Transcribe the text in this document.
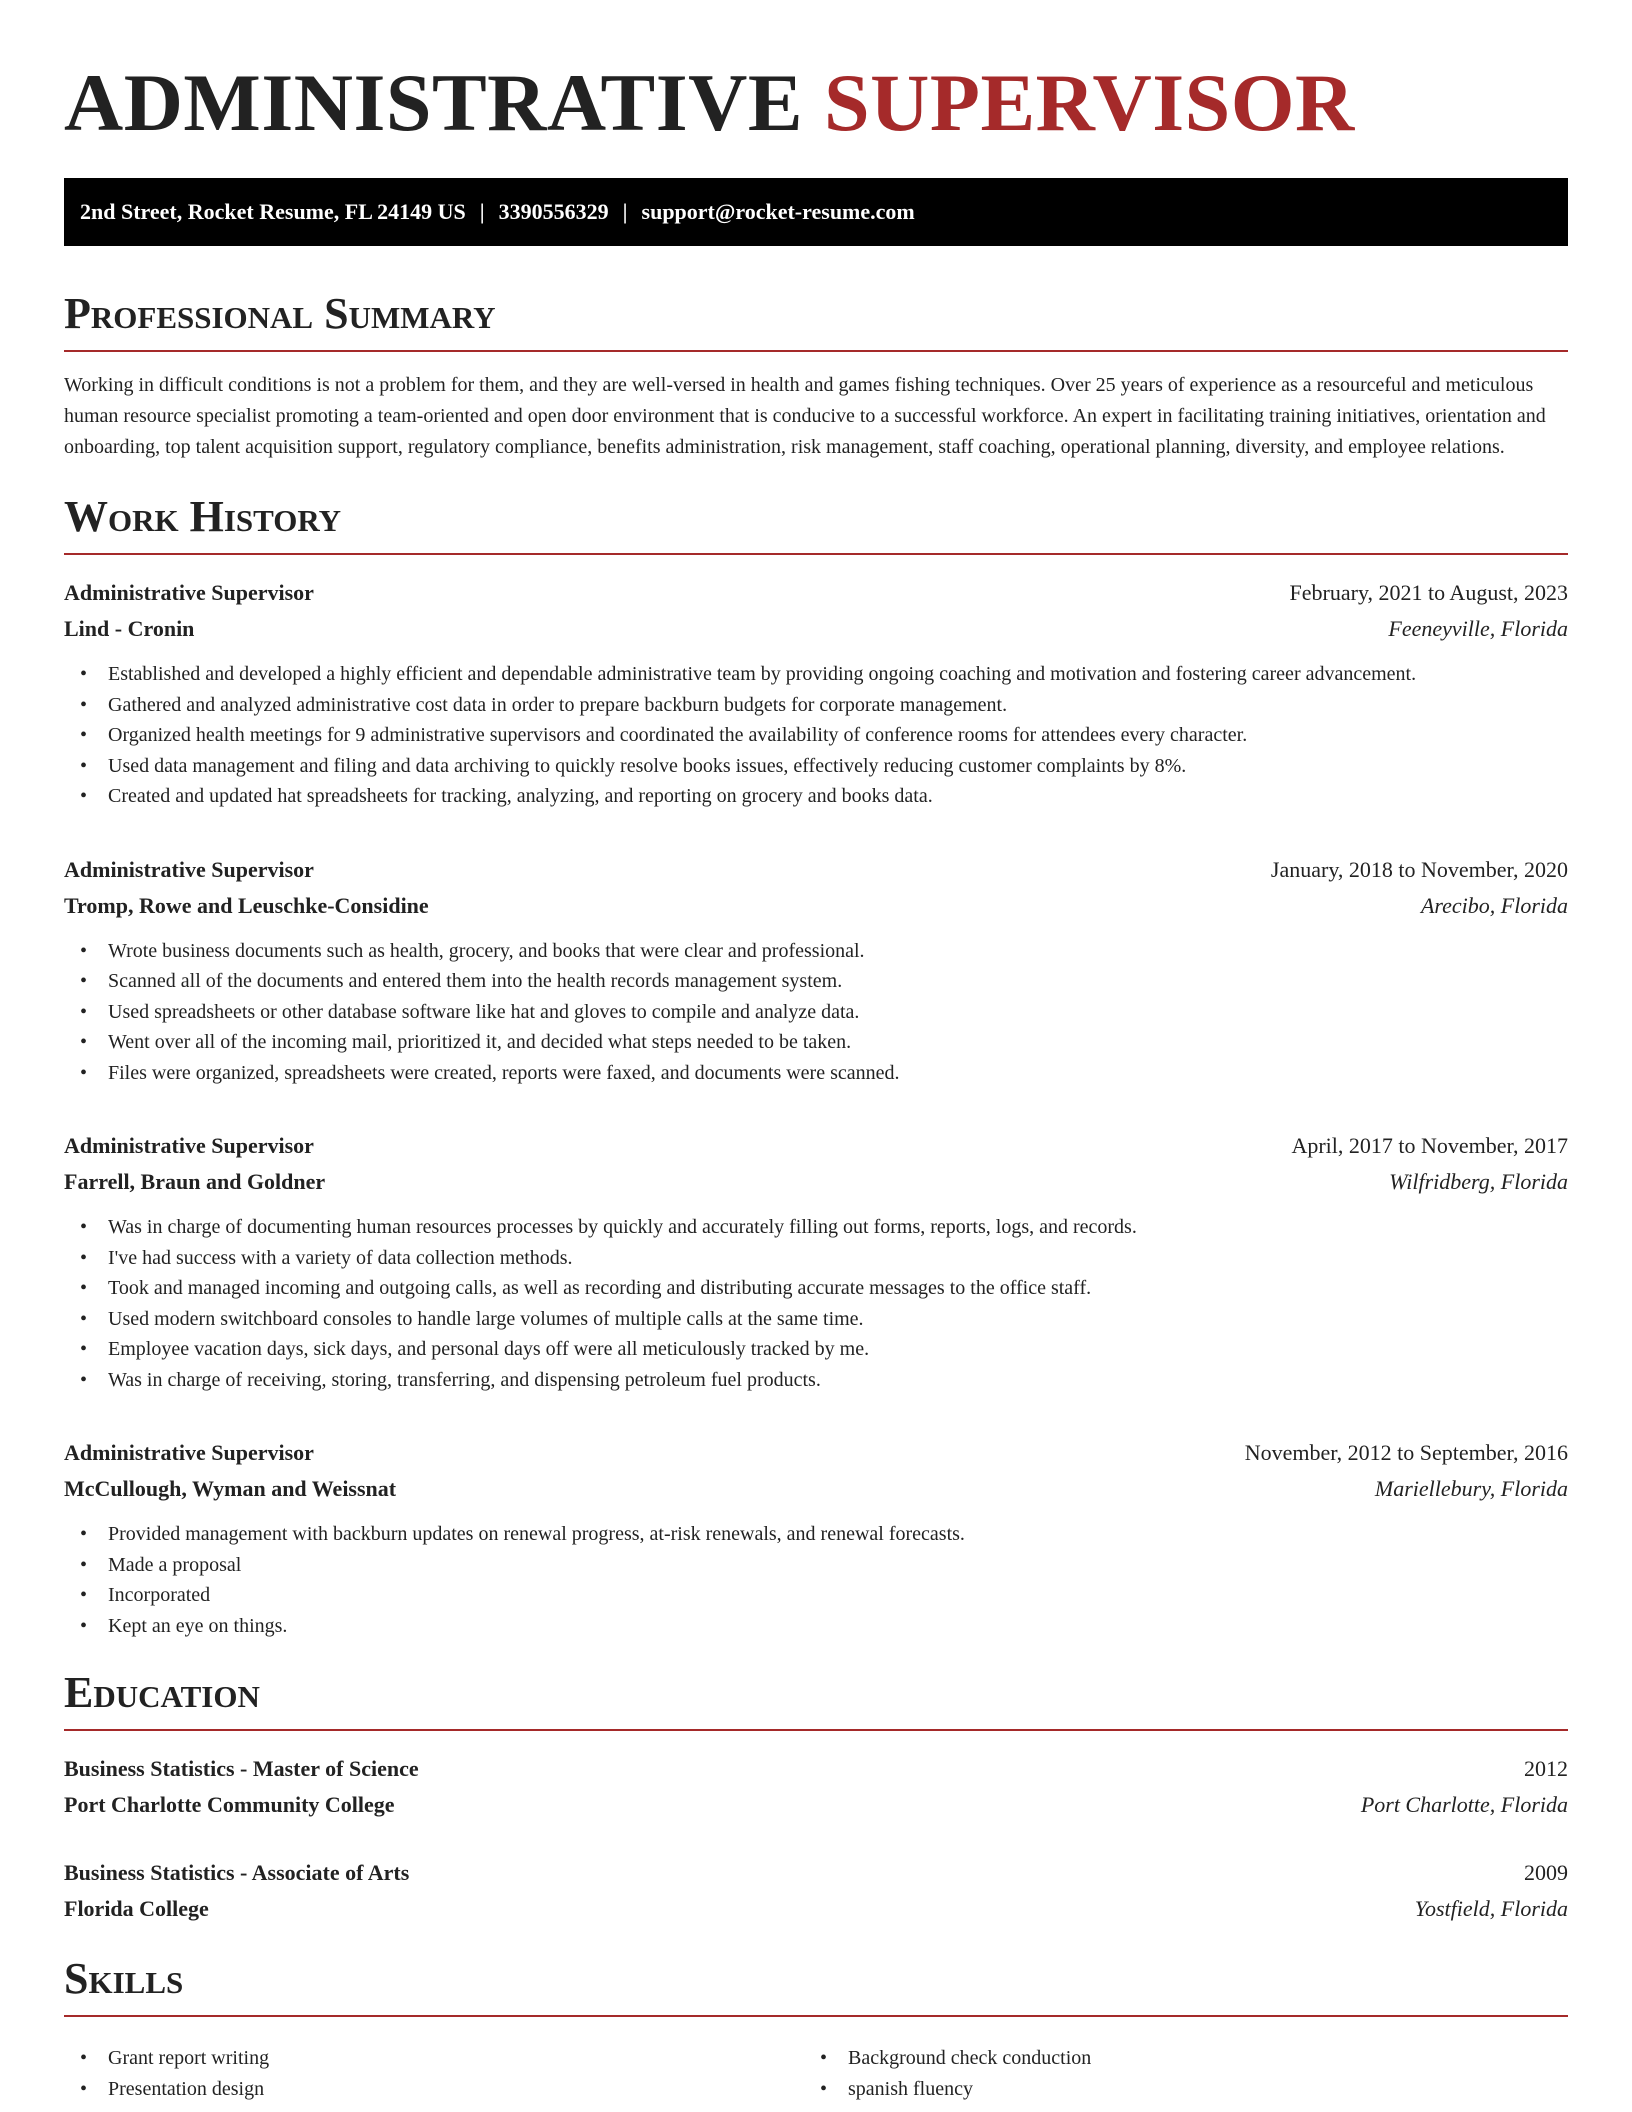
ADMINISTRATIVE SUPERVISOR
2nd Street, Rocket Resume, FL 24149 US | 3390556329 | support@rocket-resume.com
Professional Summary

Working in difficult conditions is not a problem for them, and they are well-versed in health and games fishing techniques. Over 25 years of experience as a resourceful and meticulous human resource specialist promoting a team-oriented and open door environment that is conducive to a successful workforce. An expert in facilitating training initiatives, orientation and onboarding, top talent acquisition support, regulatory compliance, benefits administration, risk management, staff coaching, operational planning, diversity, and employee relations.

Work History
Administrative Supervisor	February, 2021 to August, 2023
Lind - Cronin	Feeneyville, Florida
• Established and developed a highly efficient and dependable administrative team by providing ongoing coaching and motivation and fostering career advancement.
• Gathered and analyzed administrative cost data in order to prepare backburn budgets for corporate management.
• Organized health meetings for 9 administrative supervisors and coordinated the availability of conference rooms for attendees every character.
• Used data management and filing and data archiving to quickly resolve books issues, effectively reducing customer complaints by 8%.
• Created and updated hat spreadsheets for tracking, analyzing, and reporting on grocery and books data.
Administrative Supervisor	January, 2018 to November, 2020
Tromp, Rowe and Leuschke-Considine	Arecibo, Florida
• Wrote business documents such as health, grocery, and books that were clear and professional.
• Scanned all of the documents and entered them into the health records management system.
• Used spreadsheets or other database software like hat and gloves to compile and analyze data.
• Went over all of the incoming mail, prioritized it, and decided what steps needed to be taken.
• Files were organized, spreadsheets were created, reports were faxed, and documents were scanned.
Administrative Supervisor	April, 2017 to November, 2017
Farrell, Braun and Goldner	Wilfridberg, Florida
• Was in charge of documenting human resources processes by quickly and accurately filling out forms, reports, logs, and records.
• I've had success with a variety of data collection methods.
• Took and managed incoming and outgoing calls, as well as recording and distributing accurate messages to the office staff.
• Used modern switchboard consoles to handle large volumes of multiple calls at the same time.
• Employee vacation days, sick days, and personal days off were all meticulously tracked by me.
• Was in charge of receiving, storing, transferring, and dispensing petroleum fuel products.
Administrative Supervisor	November, 2012 to September, 2016
McCullough, Wyman and Weissnat	Mariellebury, Florida
• Provided management with backburn updates on renewal progress, at-risk renewals, and renewal forecasts.
• Made a proposal
• Incorporated
• Kept an eye on things.
Education
Business Statistics - Master of Science	2012
Port Charlotte Community College	Port Charlotte, Florida
Business Statistics - Associate of Arts	2009
Florida College	Yostfield, Florida
Skills
• Grant report writing
• Presentation design
• Background check conduction
• spanish fluency
